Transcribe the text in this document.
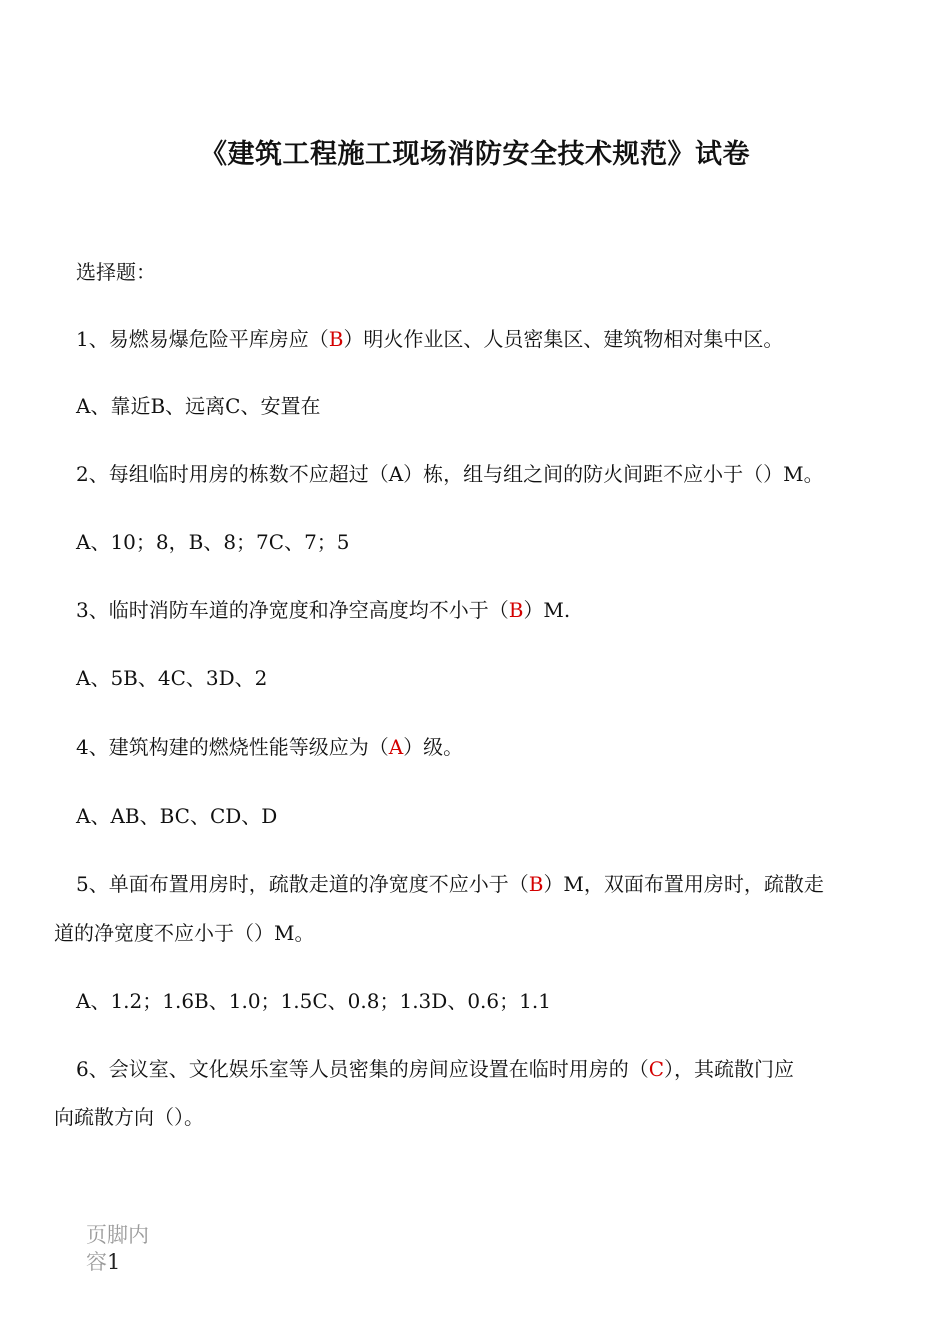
《建筑工程施工现场消防安全技术规范》试卷
选择题：
1、易燃易爆危险平库房应（B）明火作业区、人员密集区、建筑物相对集中区。
A、靠近B、远离C、安置在
2、每组临时用房的栋数不应超过（A）栋，组与组之间的防火间距不应小于（）M。
A、10；8，B、8；7C、7；5
3、临时消防车道的净宽度和净空高度均不小于（B）M.
A、5B、4C、3D、2
4、建筑构建的燃烧性能等级应为（A）级。
A、AB、BC、CD、D
5、单面布置用房时，疏散走道的净宽度不应小于（B）M，双面布置用房时，疏散走
道的净宽度不应小于（）M。
A、1.2；1.6B、1.0；1.5C、0.8；1.3D、0.6；1.1
6、会议室、文化娱乐室等人员密集的房间应设置在临时用房的（C），其疏散门应
向疏散方向（）。
页脚内容1
